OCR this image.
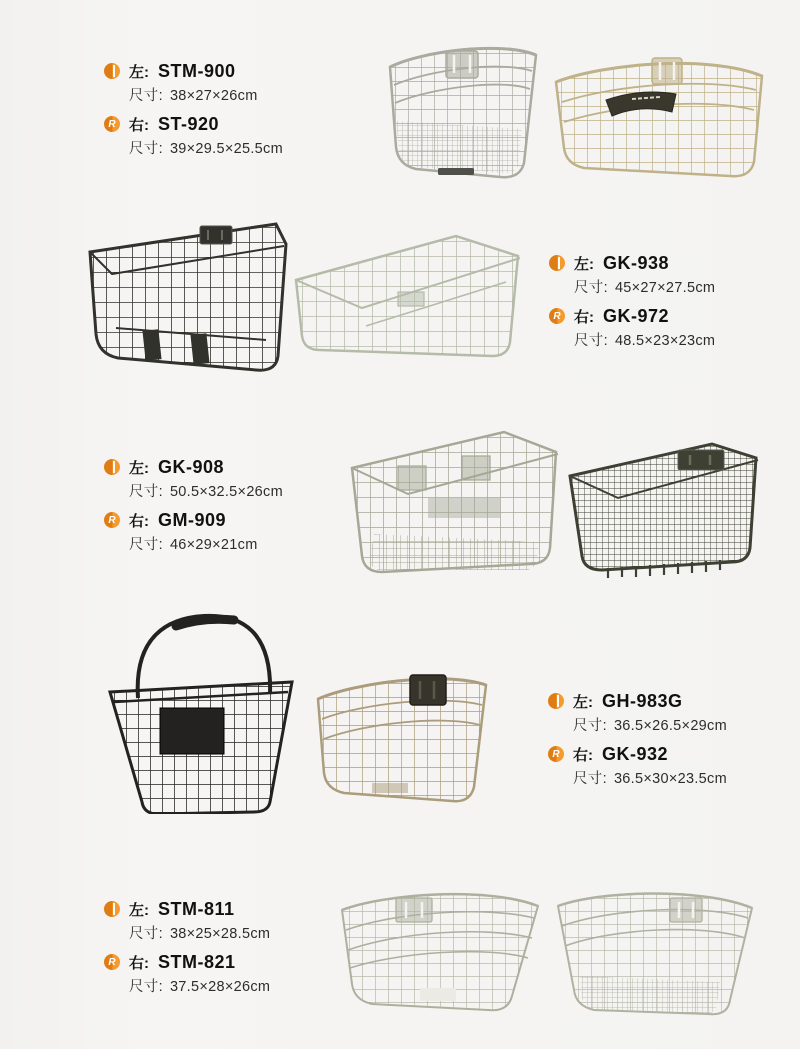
左: STM-900
尺寸: 38×27×26cm
R 右: ST-920
尺寸: 39×29.5×25.5cm
左: GK-938
尺寸: 45×27×27.5cm
R 右: GK-972
尺寸: 48.5×23×23cm
左: GK-908
尺寸: 50.5×32.5×26cm
R 右: GM-909
尺寸: 46×29×21cm
左: GH-983G
尺寸: 36.5×26.5×29cm
R 右: GK-932
尺寸: 36.5×30×23.5cm
左: STM-811
尺寸: 38×25×28.5cm
R 右: STM-821
尺寸: 37.5×28×26cm
